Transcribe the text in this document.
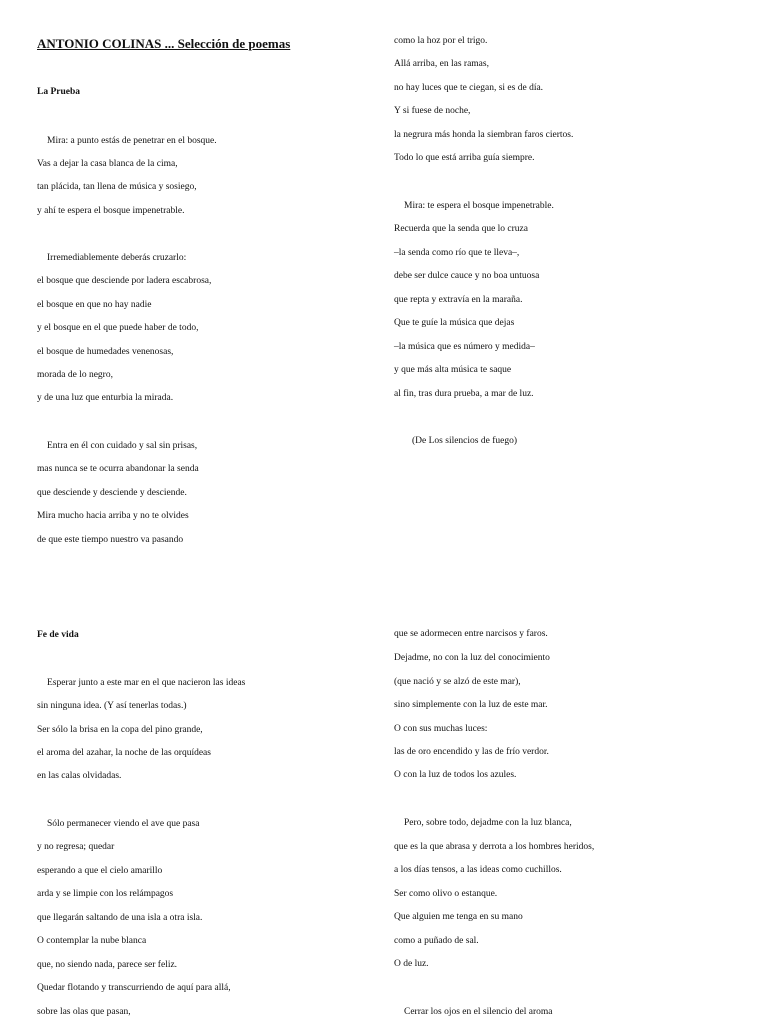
ANTONIO COLINAS ... Selección de poemas
La Prueba
Mira: a punto estás de penetrar en el bosque.
Vas a dejar la casa blanca de la cima,
tan plácida, tan llena de música y sosiego,
y ahí te espera el bosque impenetrable.
Irremediablemente deberás cruzarlo:
el bosque que desciende por ladera escabrosa,
el bosque en que no hay nadie
y el bosque en el que puede haber de todo,
el bosque de humedades venenosas,
morada de lo negro,
y de una luz que enturbia la mirada.
Entra en él con cuidado y sal sin prisas,
mas nunca se te ocurra abandonar la senda
que desciende y desciende y desciende.
Mira mucho hacia arriba y no te olvides
de que este tiempo nuestro va pasando
Fe de vida
Esperar junto a este mar en el que nacieron las ideas
sin ninguna idea. (Y así tenerlas todas.)
Ser sólo la brisa en la copa del pino grande,
el aroma del azahar, la noche de las orquídeas
en las calas olvidadas.
Sólo permanecer viendo el ave que pasa
y no regresa; quedar
esperando a que el cielo amarillo
arda y se limpie con los relámpagos
que llegarán saltando de una isla a otra isla.
O contemplar la nube blanca
que, no siendo nada, parece ser feliz.
Quedar flotando y transcurriendo de aquí para allá,
sobre las olas que pasan,
como la hoz por el trigo.
Allá arriba, en las ramas,
no hay luces que te ciegan, si es de día.
Y si fuese de noche,
la negrura más honda la siembran faros ciertos.
Todo lo que está arriba guía siempre.
Mira: te espera el bosque impenetrable.
Recuerda que la senda que lo cruza
–la senda como río que te lleva–,
debe ser dulce cauce y no boa untuosa
que repta y extravía en la maraña.
Que te guíe la música que dejas
–la música que es número y medida–
y que más alta música te saque
al fin, tras dura prueba, a mar de luz.
(De Los silencios de fuego)
que se adormecen entre narcisos y faros.
Dejadme, no con la luz del conocimiento
(que nació y se alzó de este mar),
sino simplemente con la luz de este mar.
O con sus muchas luces:
las de oro encendido y las de frío verdor.
O con la luz de todos los azules.
Pero, sobre todo, dejadme con la luz blanca,
que es la que abrasa y derrota a los hombres heridos,
a los días tensos, a las ideas como cuchillos.
Ser como olivo o estanque.
Que alguien me tenga en su mano
como a puñado de sal.
O de luz.
Cerrar los ojos en el silencio del aroma
